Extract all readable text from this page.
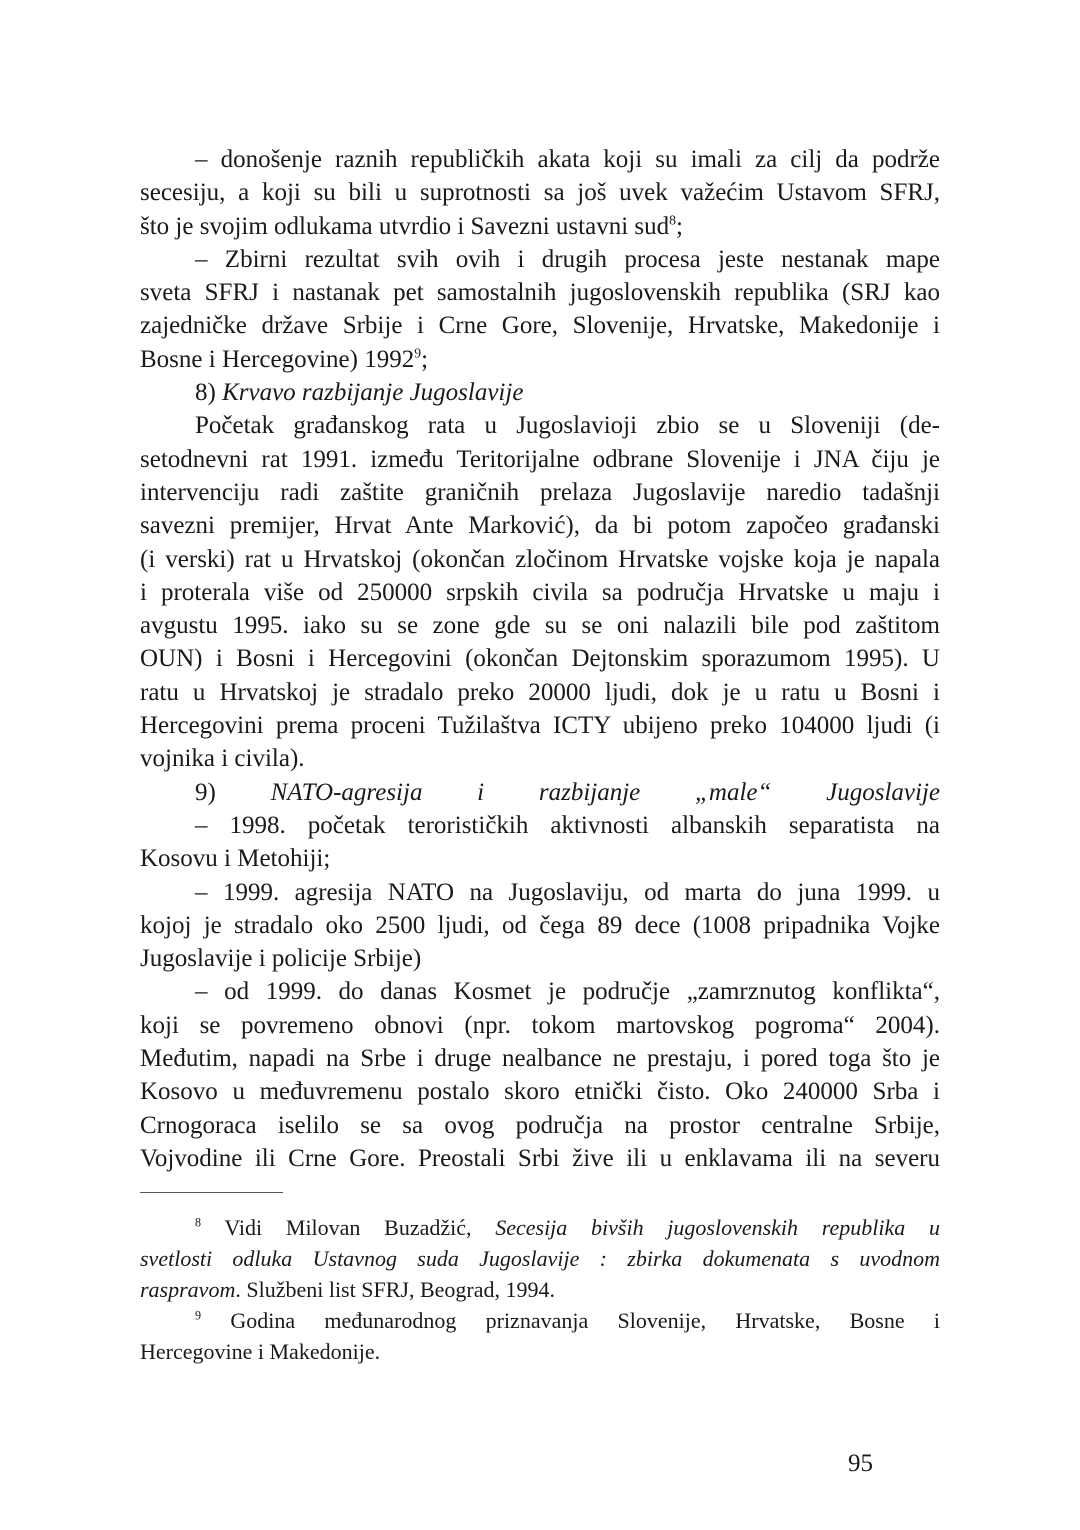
– donošenje raznih republičkih akata koji su imali za cilj da podrže
secesiju, a koji su bili u suprotnosti sa još uvek važećim Ustavom SFRJ,
što je svojim odlukama utvrdio i Savezni ustavni sud$^8$;
– Zbirni rezultat svih ovih i drugih procesa jeste nestanak mape
sveta SFRJ i nastanak pet samostalnih jugoslovenskih republika (SRJ kao
zajedničke države Srbije i Crne Gore, Slovenije, Hrvatske, Makedonije i
Bosne i Hercegovine) 1992$^9$;
8) Krvavo razbijanje Jugoslavije
Početak građanskog rata u Jugoslavioji zbio se u Sloveniji (de-
setodnevni rat 1991. između Teritorijalne odbrane Slovenije i JNA čiju je
intervenciju radi zaštite graničnih prelaza Jugoslavije naredio tadašnji
savezni premijer, Hrvat Ante Marković), da bi potom započeo građanski
(i verski) rat u Hrvatskoj (okončan zločinom Hrvatske vojske koja je napala
i proterala više od 250000 srpskih civila sa područja Hrvatske u maju i
avgustu 1995. iako su se zone gde su se oni nalazili bile pod zaštitom
OUN) i Bosni i Hercegovini (okončan Dejtonskim sporazumom 1995). U
ratu u Hrvatskoj je stradalo preko 20000 ljudi, dok je u ratu u Bosni i
Hercegovini prema proceni Tužilaštva ICTY ubijeno preko 104000 ljudi (i
vojnika i civila).
9) NATO-agresija i razbijanje „male“ Jugoslavije
– 1998. početak terorističkih aktivnosti albanskih separatista na
Kosovu i Metohiji;
– 1999. agresija NATO na Jugoslaviju, od marta do juna 1999. u
kojoj je stradalo oko 2500 ljudi, od čega 89 dece (1008 pripadnika Vojke
Jugoslavije i policije Srbije)
– od 1999. do danas Kosmet je područje „zamrznutog konflikta“,
koji se povremeno obnovi (npr. tokom martovskog pogroma“ 2004).
Međutim, napadi na Srbe i druge nealbance ne prestaju, i pored toga što je
Kosovo u međuvremenu postalo skoro etnički čisto. Oko 240000 Srba i
Crnogoraca iselilo se sa ovog područja na prostor centralne Srbije,
Vojvodine ili Crne Gore. Preostali Srbi žive ili u enklavama ili na severu
$^8$ Vidi Milovan Buzadžić, Secesija bivših jugoslovenskih republika u
svetlosti odluka Ustavnog suda Jugoslavije : zbirka dokumenata s uvodnom
raspravom. Službeni list SFRJ, Beograd, 1994.
$^9$ Godina međunarodnog priznavanja Slovenije, Hrvatske, Bosne i
Hercegovine i Makedonije.
95
